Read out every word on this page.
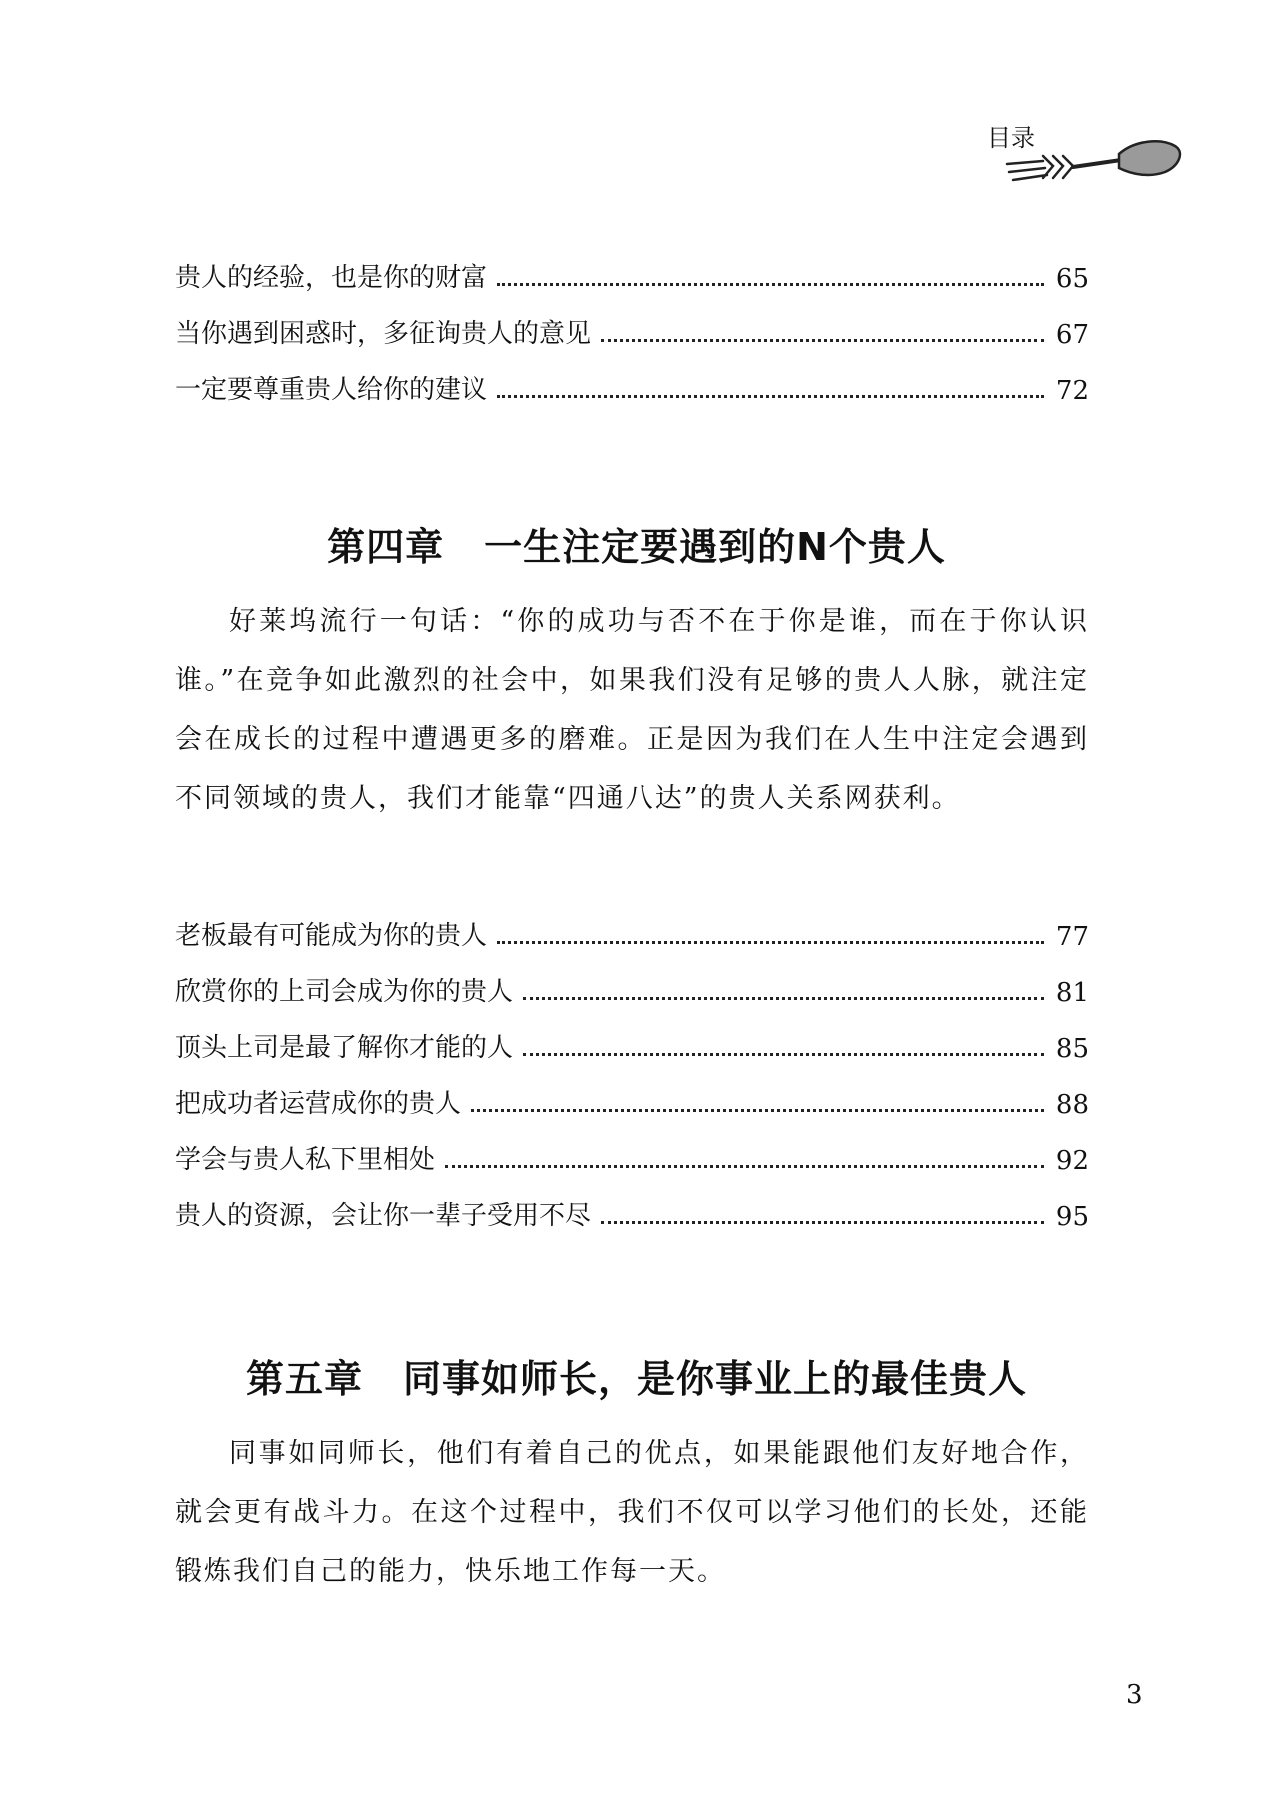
目录
贵人的经验，也是你的财富	65
当你遇到困惑时，多征询贵人的意见	67
一定要尊重贵人给你的建议	72
第四章 一生注定要遇到的N个贵人

好莱坞流行一句话：“你的成功与否不在于你是谁，而在于你认识谁。”在竞争如此激烈的社会中，如果我们没有足够的贵人人脉，就注定会在成长的过程中遭遇更多的磨难。正是因为我们在人生中注定会遇到不同领域的贵人，我们才能靠“四通八达”的贵人关系网获利。

老板最有可能成为你的贵人	77
欣赏你的上司会成为你的贵人	81
顶头上司是最了解你才能的人	85
把成功者运营成你的贵人	88
学会与贵人私下里相处	92
贵人的资源，会让你一辈子受用不尽	95
第五章 同事如师长，是你事业上的最佳贵人

同事如同师长，他们有着自己的优点，如果能跟他们友好地合作，就会更有战斗力。在这个过程中，我们不仅可以学习他们的长处，还能锻炼我们自己的能力，快乐地工作每一天。

3
